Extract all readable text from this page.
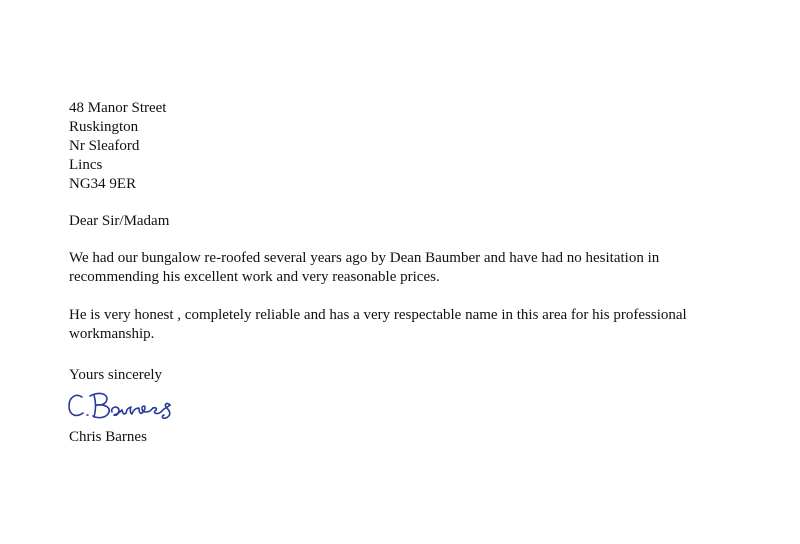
48 Manor Street
Ruskington
Nr Sleaford
Lincs
NG34 9ER
Dear Sir/Madam
We had our bungalow re-roofed several years ago by Dean Baumber and have had no hesitation in
recommending his excellent work and very reasonable prices.
He is very honest , completely reliable and has a very respectable name in this area for his professional
workmanship.
Yours sincerely
Chris Barnes
